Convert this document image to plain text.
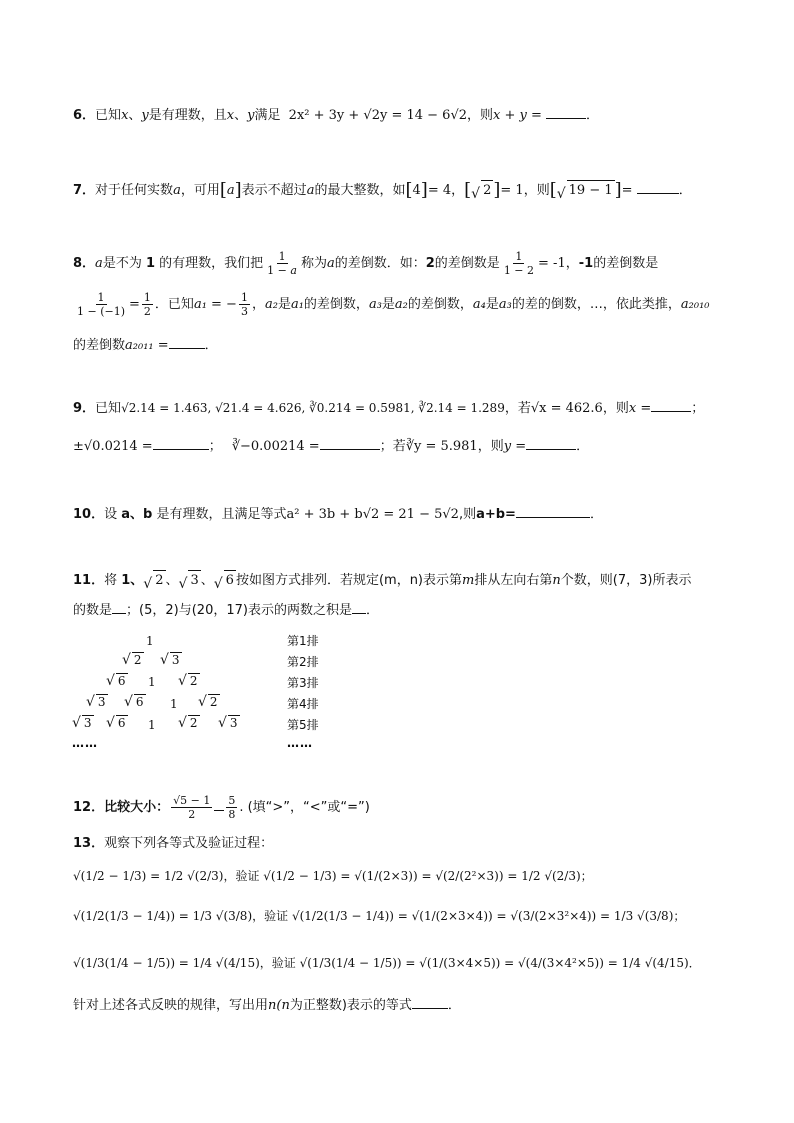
6．已知x、y是有理数，且x、y满足 2x² + 3y + √2y = 14 − 6√2，则x + y =	．
7．对于任何实数a，可用[a]表示不超过a的最大整数，如[4]= 4，[ √ 2 ]= 1，则[ √ 19 − 1 ]=	．
8．a是不为 1 的有理数，我们把 $\frac{1}{1 - a}$ 称为a的差倒数．如：2的差倒数是 $\frac{1}{1 - 2} = -1$，-1的差倒数是
$\frac{1}{1 - (-1)} = \frac{1}{2}$ ．已知a₁ = − $\frac{1}{3}$ ，a₂是a₁的差倒数，a₃是a₂的差倒数，a₄是a₃的差的倒数，…，依此类推，a₂₀₁₀
的差倒数a₂₀₁₁ =	．
9．已知√2.14 = 1.463, √21.4 = 4.626, ∛0.214 = 0.5981, ∛2.14 = 1.289，若√x = 462.6，则x =	；
±√0.0214 =	； ∛−0.00214 =	；若∛y = 5.981，则y =	．
10．设 a、b 是有理数，且满足等式a² + 3b + b√2 = 21 − 5√2,则a+b=	．
11．将 1、 √ 2 、 √ 3 、 √ 6 按如图方式排列．若规定(m，n)表示第m排从左向右第n个数，则(7，3)所表示
的数是 ；(5，2)与(20，17)表示的两数之积是 ．
1
√ 2 √ 3
√ 6 1 √ 2
√ 3 √ 6 1 √ 2
√ 3 √ 6 1 √ 2 √ 3
……
第1排
第2排
第3排
第4排
第5排
……
12．比较大小： $\frac{√5 - 1}{2} \frac{5}{8}$ . (填“>”，“<”或“=”)
13．观察下列各等式及验证过程：
√(1/2 − 1/3) = 1/2 √(2/3)，验证 √(1/2 − 1/3) = √(1/(2×3)) = √(2/(2²×3)) = 1/2 √(2/3)；
√(1/2(1/3 − 1/4)) = 1/3 √(3/8)，验证 √(1/2(1/3 − 1/4)) = √(1/(2×3×4)) = √(3/(2×3²×4)) = 1/3 √(3/8)；
√(1/3(1/4 − 1/5)) = 1/4 √(4/15)，验证 √(1/3(1/4 − 1/5)) = √(1/(3×4×5)) = √(4/(3×4²×5)) = 1/4 √(4/15)．
针对上述各式反映的规律，写出用n(n为正整数)表示的等式	．
